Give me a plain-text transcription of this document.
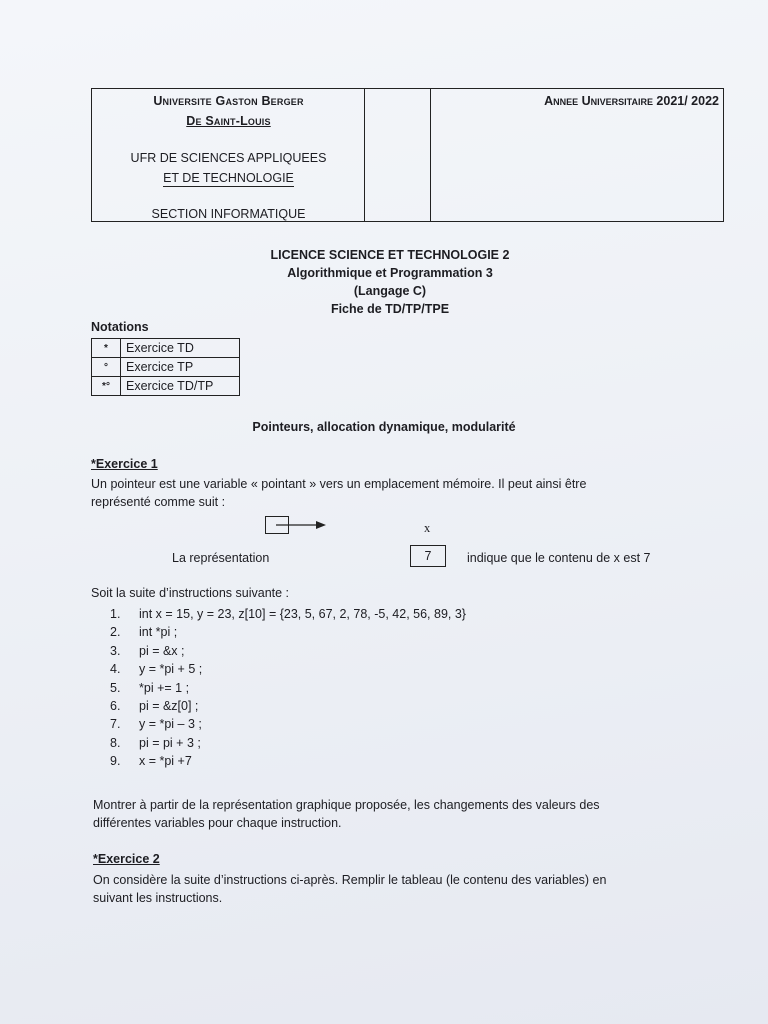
Universite Gaston Berger
De Saint-Louis
UFR DE SCIENCES APPLIQUEES
ET DE TECHNOLOGIE
SECTION INFORMATIQUE
Annee Universitaire 2021/ 2022
LICENCE SCIENCE ET TECHNOLOGIE 2
Algorithmique et Programmation 3
(Langage C)
Fiche de TD/TP/TPE
Notations
*	Exercice TD
°	Exercice TP
*°	Exercice TD/TP
Pointeurs, allocation dynamique, modularité
*Exercice 1
Un pointeur est une variable « pointant » vers un emplacement mémoire. Il peut ainsi être
représenté comme suit :
x
La représentation	7	indique que le contenu de x est 7
Soit la suite d’instructions suivante :
1.	int x = 15, y = 23, z[10] = {23, 5, 67, 2, 78, -5, 42, 56, 89, 3}
2.	int *pi ;
3.	pi = &x ;
4.	y = *pi + 5 ;
5.	*pi += 1 ;
6.	pi = &z[0] ;
7.	y = *pi – 3 ;
8.	pi = pi + 3 ;
9.	x = *pi +7
Montrer à partir de la représentation graphique proposée, les changements des valeurs des
différentes variables pour chaque instruction.
*Exercice 2
On considère la suite d’instructions ci-après. Remplir le tableau (le contenu des variables) en
suivant les instructions.
